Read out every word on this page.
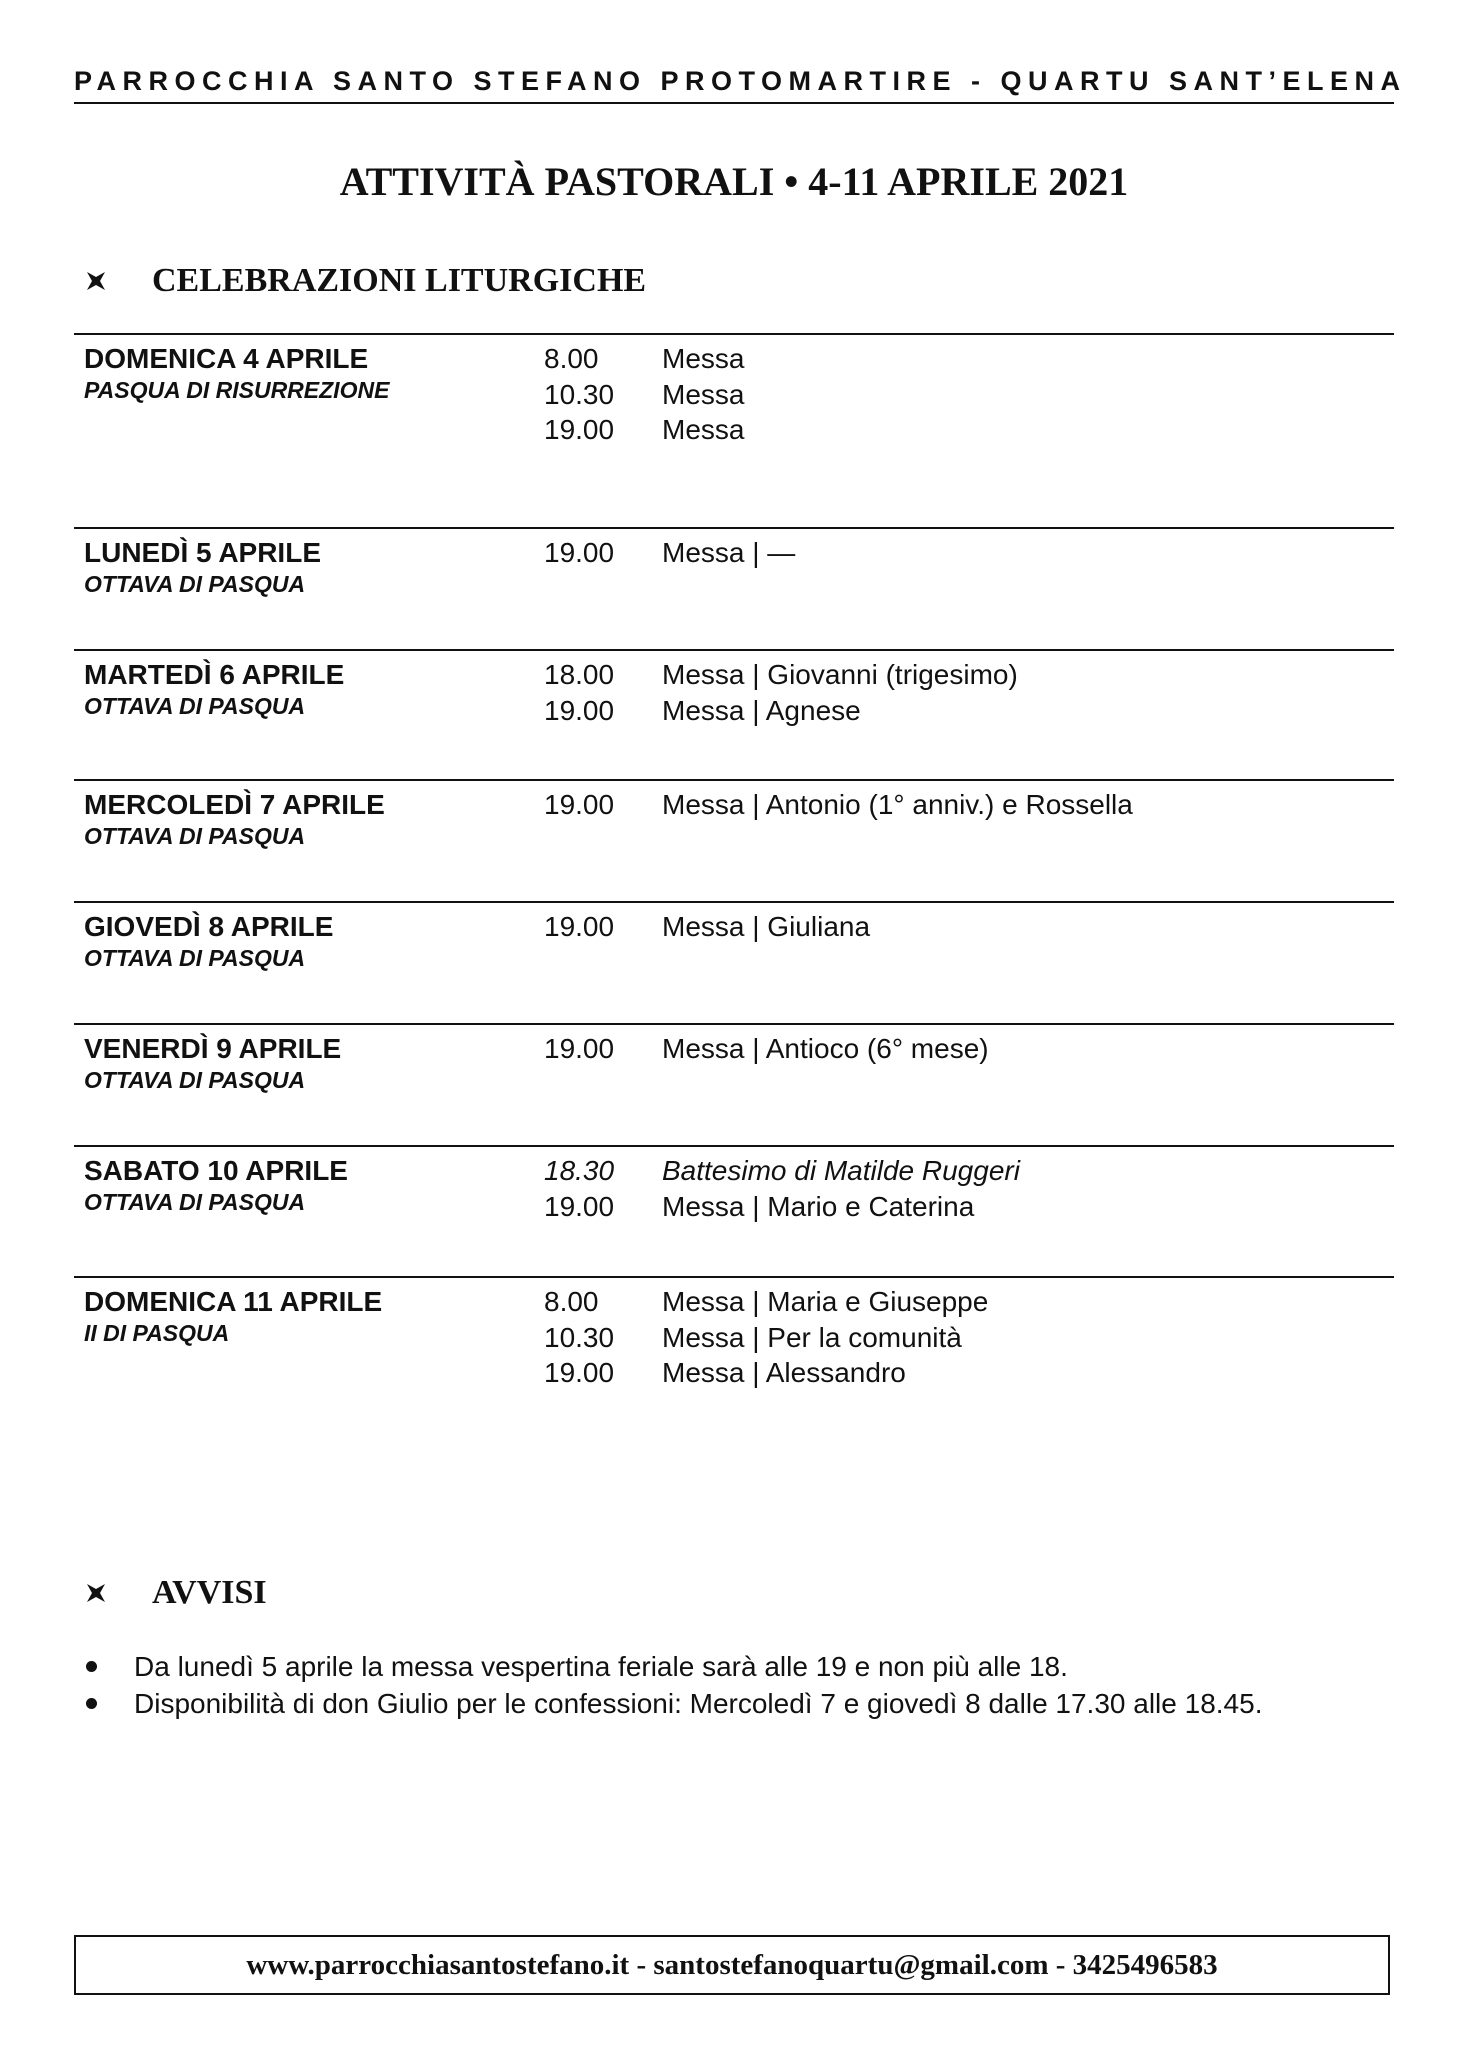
PARROCCHIA SANTO STEFANO PROTOMARTIRE - QUARTU SANT’ELENA
ATTIVITÀ PASTORALI • 4-11 APRILE 2021
CELEBRAZIONI LITURGICHE
DOMENICA 4 APRILE
PASQUA DI RISURREZIONE
8.00	Messa
10.30	Messa
19.00	Messa
LUNEDÌ 5 APRILE
OTTAVA DI PASQUA
19.00	Messa | —
MARTEDÌ 6 APRILE
OTTAVA DI PASQUA
18.00	Messa | Giovanni (trigesimo)
19.00	Messa | Agnese
MERCOLEDÌ 7 APRILE
OTTAVA DI PASQUA
19.00	Messa | Antonio (1° anniv.) e Rossella
GIOVEDÌ 8 APRILE
OTTAVA DI PASQUA
19.00	Messa | Giuliana
VENERDÌ 9 APRILE
OTTAVA DI PASQUA
19.00	Messa | Antioco (6° mese)
SABATO 10 APRILE
OTTAVA DI PASQUA
18.30	Battesimo di Matilde Ruggeri
19.00	Messa | Mario e Caterina
DOMENICA 11 APRILE
II DI PASQUA
8.00	Messa | Maria e Giuseppe
10.30	Messa | Per la comunità
19.00	Messa | Alessandro
AVVISI
Da lunedì 5 aprile la messa vespertina feriale sarà alle 19 e non più alle 18.
Disponibilità di don Giulio per le confessioni: Mercoledì 7 e giovedì 8 dalle 17.30 alle 18.45.
www.parrocchiasantostefano.it - santostefanoquartu@gmail.com - 3425496583
